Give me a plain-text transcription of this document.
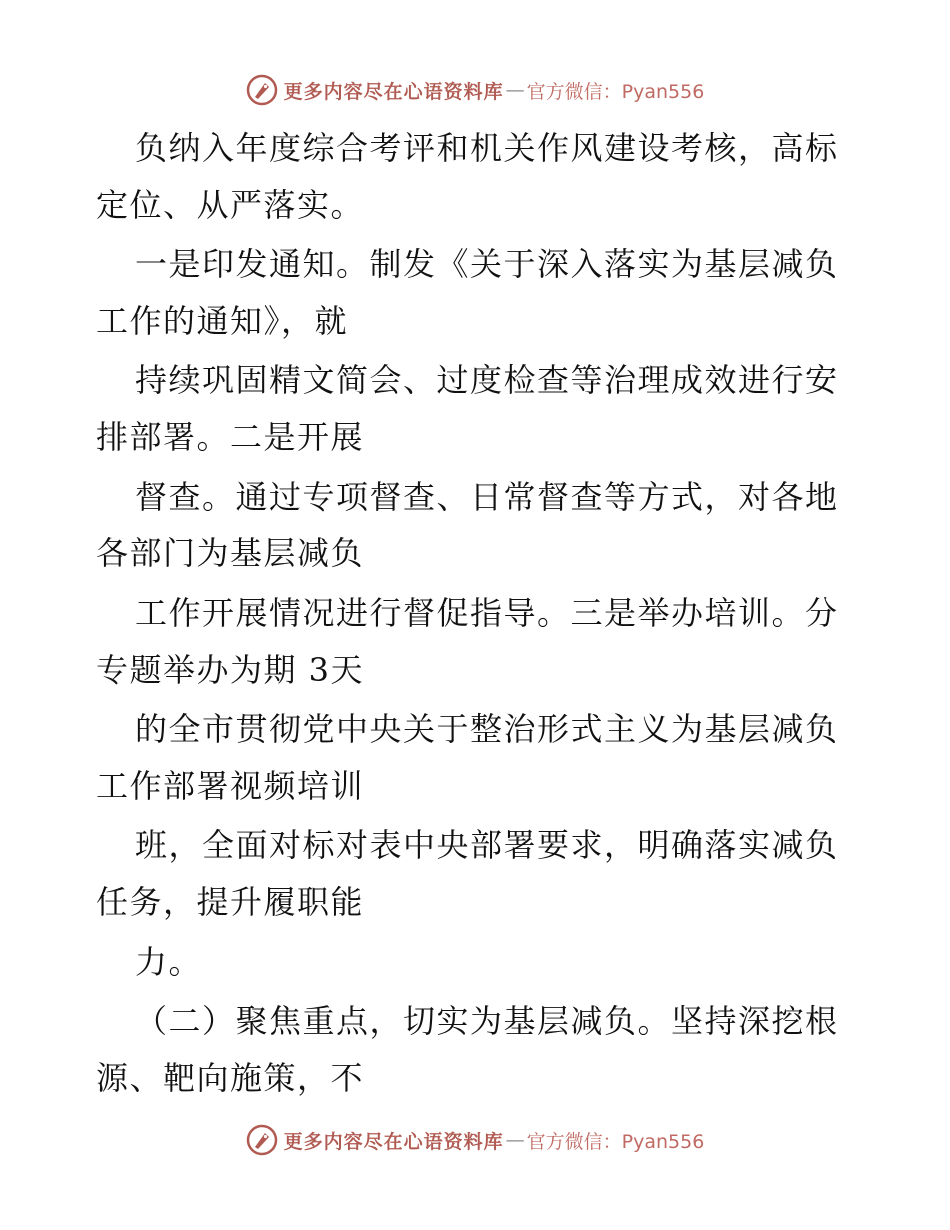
更多内容尽在心语资料库 — 官方微信：Pyan556
负纳入年度综合考评和机关作风建设考核，高标
定位、从严落实。
一是印发通知。制发《关于深入落实为基层减负
工作的通知》，就
持续巩固精文简会、过度检查等治理成效进行安
排部署。二是开展
督查。通过专项督查、日常督查等方式，对各地
各部门为基层减负
工作开展情况进行督促指导。三是举办培训。分
专题举办为期 3天
的全市贯彻党中央关于整治形式主义为基层减负
工作部署视频培训
班，全面对标对表中央部署要求，明确落实减负
任务，提升履职能
力。
（二）聚焦重点，切实为基层减负。坚持深挖根
源、靶向施策，不
更多内容尽在心语资料库 — 官方微信：Pyan556
